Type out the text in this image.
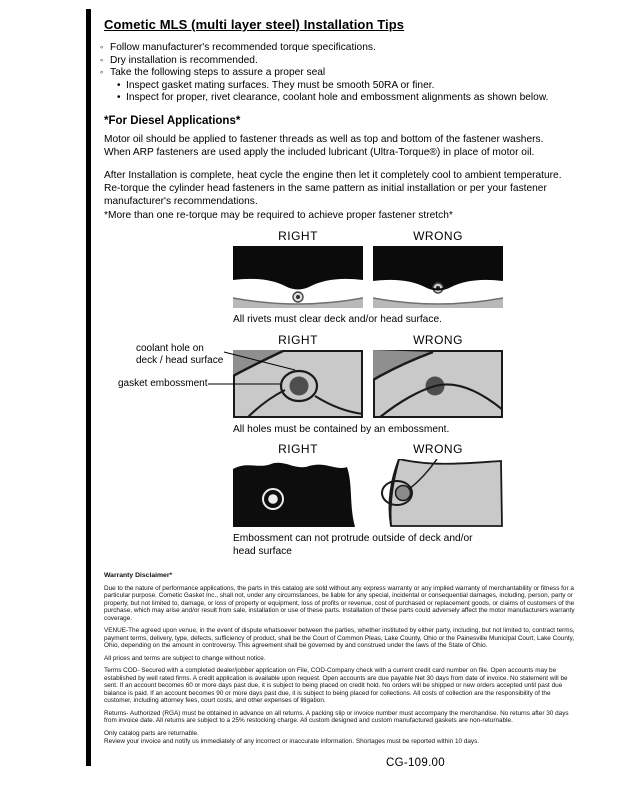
Cometic MLS (multi layer steel) Installation Tips
◦ Follow manufacturer's recommended torque specifications.
◦ Dry installation is recommended.
◦ Take the following steps to assure a proper seal
• Inspect gasket mating surfaces. They must be smooth 50RA or finer.
• Inspect for proper, rivet clearance, coolant hole and embossment alignments as shown below.
*For Diesel Applications*
Motor oil should be applied to fastener threads as well as top and bottom of the fastener washers. When ARP fasteners are used apply the included lubricant (Ultra-Torque®) in place of motor oil.
After Installation is complete, heat cycle the engine then let it completely cool to ambient temperature. Re-torque the cylinder head fasteners in the same pattern as initial installation or per your fastener manufacturer's recommendations.
*More than one re-torque may be required to achieve proper fastener stretch*
RIGHT	WRONG
All rivets must clear deck and/or head surface.
RIGHT	WRONG
All holes must be contained by an embossment.
RIGHT	WRONG
Embossment can not protrude outside of deck and/or head surface
coolant hole on
deck / head surface
gasket embossment
Warranty Disclaimer*

Due to the nature of performance applications, the parts in this catalog are sold without any express warranty or any implied warranty of merchantability or fitness for a particular purpose. Cometic Gasket Inc., shall not, under any circumstances, be liable for any special, incidental or consequential damages, including, person, party or property, but not limited to, damage, or loss of property or equipment, loss of profits or revenue, cost of purchased or replacement goods, or claims of customers of the purchase, which may arise and/or result from sale, installation or use of these parts. Installation of these parts could adversely affect the motor manufacturers warranty coverage.

VENUE-The agreed upon venue, in the event of dispute whatsoever between the parties, whether instituted by either party, including, but not limited to, contract terms, payment terms, delivery, type, defects, sufficiency of product, shall be the Court of Common Pleas, Lake County, Ohio or the Painesville Municipal Court, Lake County, Ohio, depending on the amount in controversy. This agreement shall be governed by and construed under the laws of the State of Ohio.

All prices and terms are subject to change without notice.

Terms COD- Secured with a completed dealer/jobber application on File, COD-Company check with a current credit card number on file. Open accounts may be established by well rated firms. A credit application is available upon request. Open accounts are due payable Net 30 days from date of invoice. No statement will be sent. If an account becomes 60 or more days past due, it is subject to being placed on credit hold. No orders will be shipped or new orders accepted until past due balance is paid. If an account becomes 90 or more days past due, it is subject to being placed for collections. All costs of collection are the responsibility of the customer, including attorney fees, court costs, and other expenses of litigation.

Returns- Authorized (RGA) must be obtained in advance on all returns. A packing slip or invoice number must accompany the merchandise. No returns after 30 days from invoice date. All returns are subject to a 25% restocking charge. All custom designed and custom manufactured gaskets are non-returnable.

Only catalog parts are returnable.

Review your invoice and notify us immediately of any incorrect or inaccurate information. Shortages must be reported within 10 days.

CG-109.00
